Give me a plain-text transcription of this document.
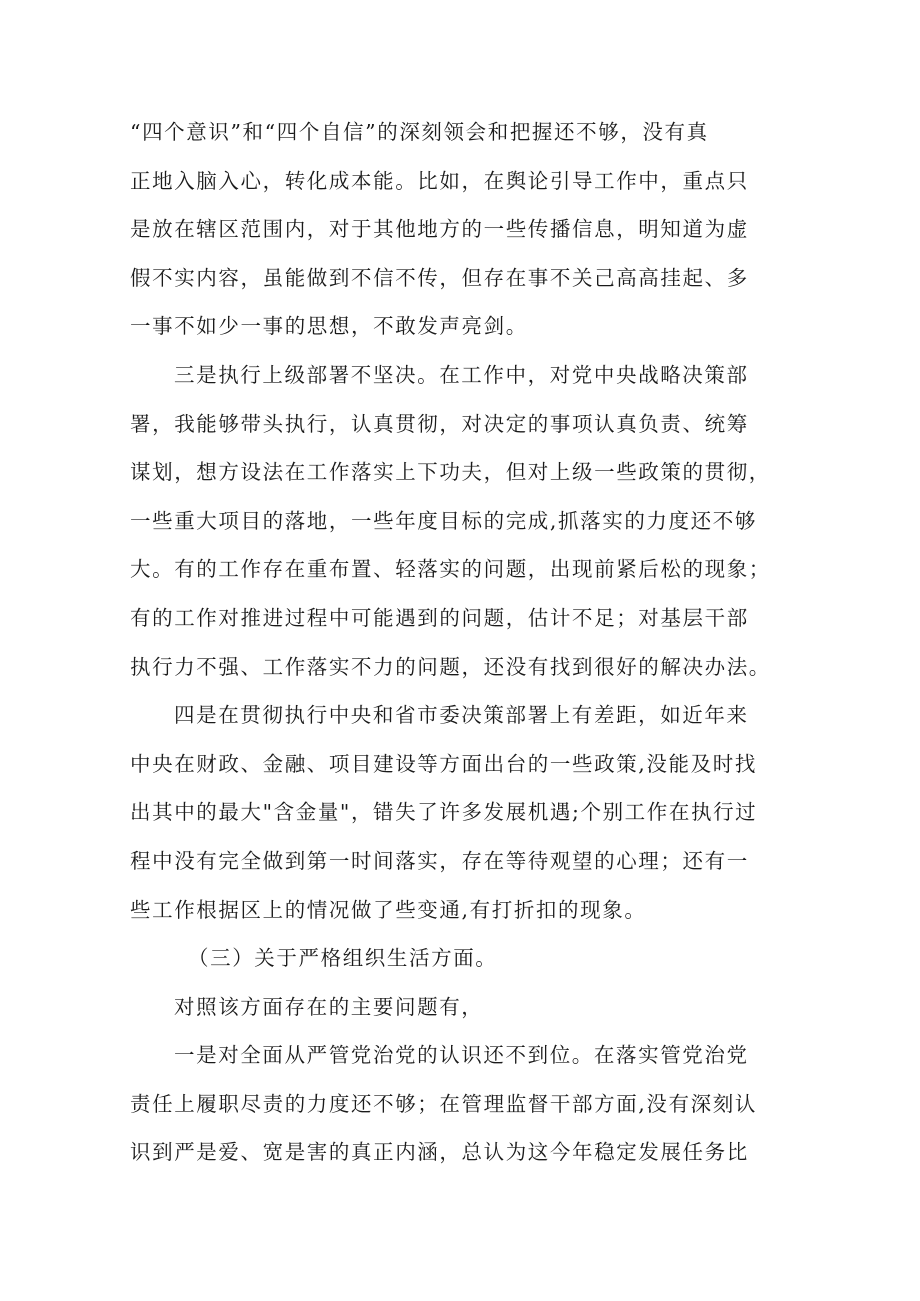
“四个意识”和“四个自信”的深刻领会和把握还不够，没有真
正地入脑入心，转化成本能。比如，在舆论引导工作中，重点只
是放在辖区范围内，对于其他地方的一些传播信息，明知道为虚
假不实内容，虽能做到不信不传，但存在事不关己高高挂起、多
一事不如少一事的思想，不敢发声亮剑。
三是执行上级部署不坚决。在工作中，对党中央战略决策部
署，我能够带头执行，认真贯彻，对决定的事项认真负责、统筹
谋划，想方设法在工作落实上下功夫，但对上级一些政策的贯彻，
一些重大项目的落地，一些年度目标的完成,抓落实的力度还不够
大。有的工作存在重布置、轻落实的问题，出现前紧后松的现象；
有的工作对推进过程中可能遇到的问题，估计不足；对基层干部
执行力不强、工作落实不力的问题，还没有找到很好的解决办法。
四是在贯彻执行中央和省市委决策部署上有差距，如近年来
中央在财政、金融、项目建设等方面出台的一些政策,没能及时找
出其中的最大"含金量"，错失了许多发展机遇;个别工作在执行过
程中没有完全做到第一时间落实，存在等待观望的心理；还有一
些工作根据区上的情况做了些变通,有打折扣的现象。
（三）关于严格组织生活方面。
对照该方面存在的主要问题有，
一是对全面从严管党治党的认识还不到位。在落实管党治党
责任上履职尽责的力度还不够；在管理监督干部方面,没有深刻认
识到严是爱、宽是害的真正内涵，总认为这今年稳定发展任务比
